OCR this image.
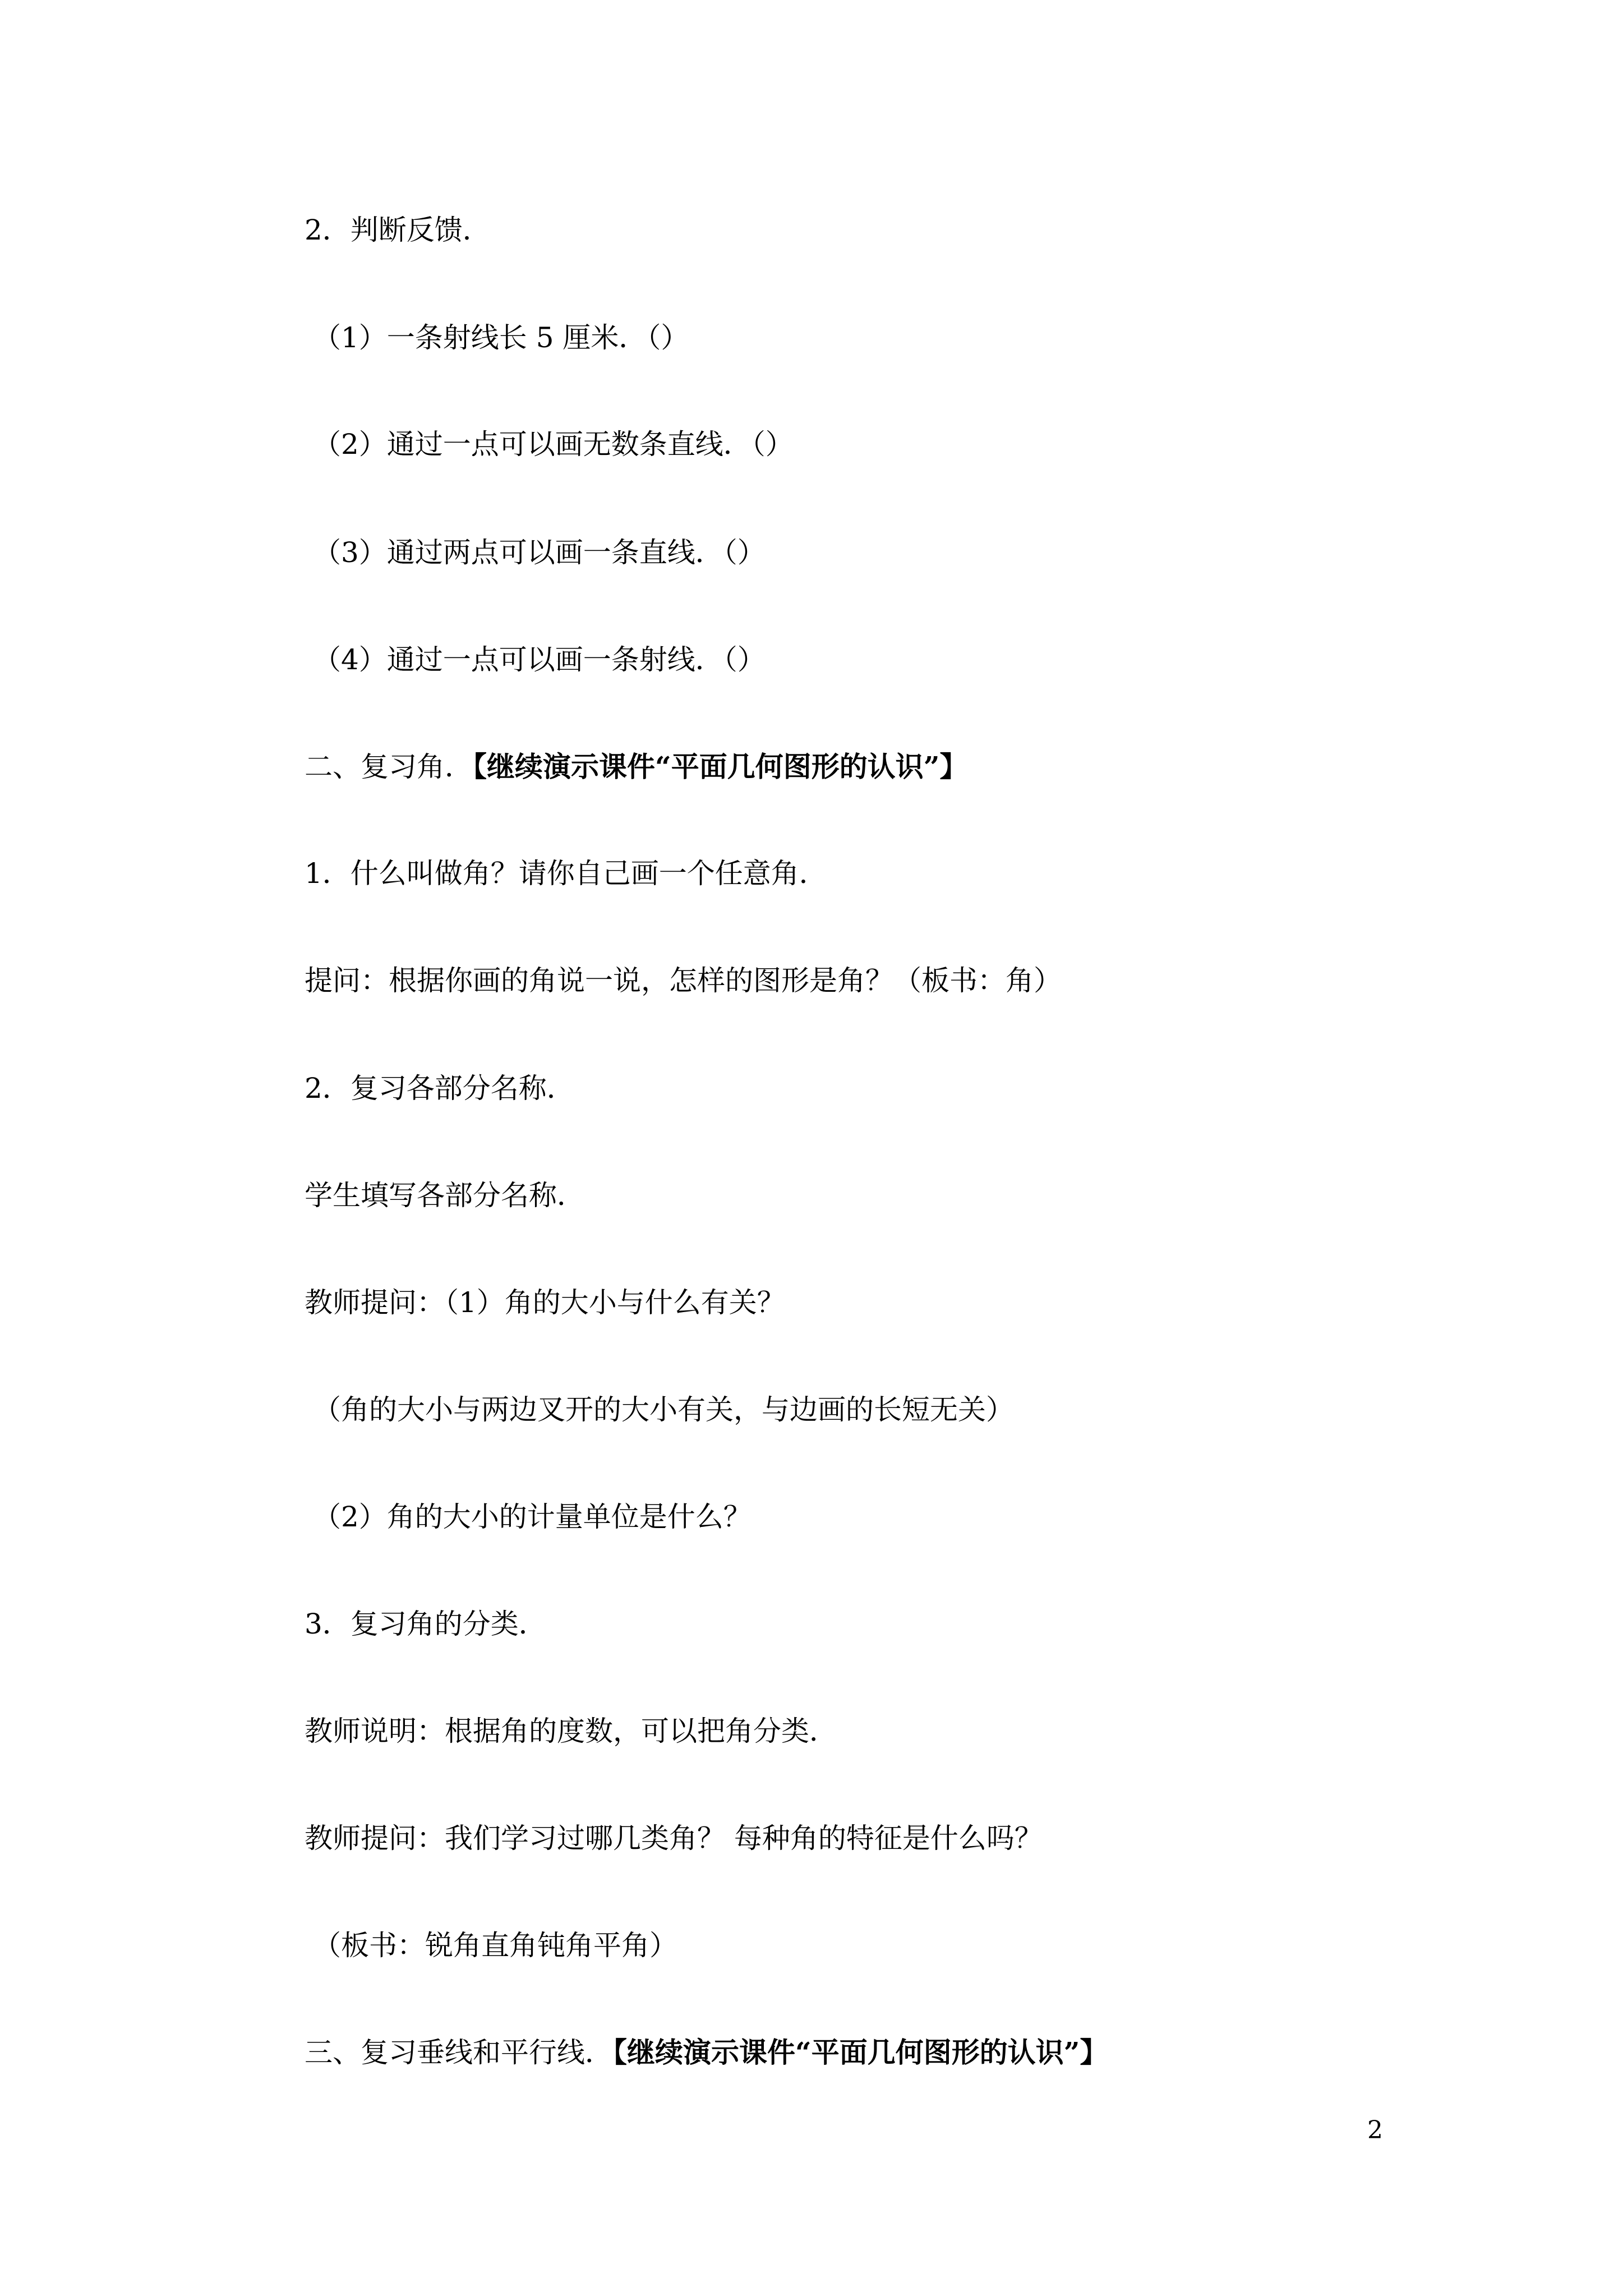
2．判断反馈．
（1）一条射线长 5 厘米．（）
（2）通过一点可以画无数条直线．（）
（3）通过两点可以画一条直线．（）
（4）通过一点可以画一条射线．（）
二、复习角．【继续演示课件“平面几何图形的认识”】
1．什么叫做角？请你自己画一个任意角．
提问：根据你画的角说一说，怎样的图形是角？（板书：角）
2．复习各部分名称．
学生填写各部分名称．
教师提问：（1）角的大小与什么有关？
（角的大小与两边叉开的大小有关，与边画的长短无关）
（2）角的大小的计量单位是什么？
3．复习角的分类．
教师说明：根据角的度数，可以把角分类．
教师提问：我们学习过哪几类角？ 每种角的特征是什么吗？
（板书：锐角直角钝角平角）
三、复习垂线和平行线．【继续演示课件“平面几何图形的认识”】
2
